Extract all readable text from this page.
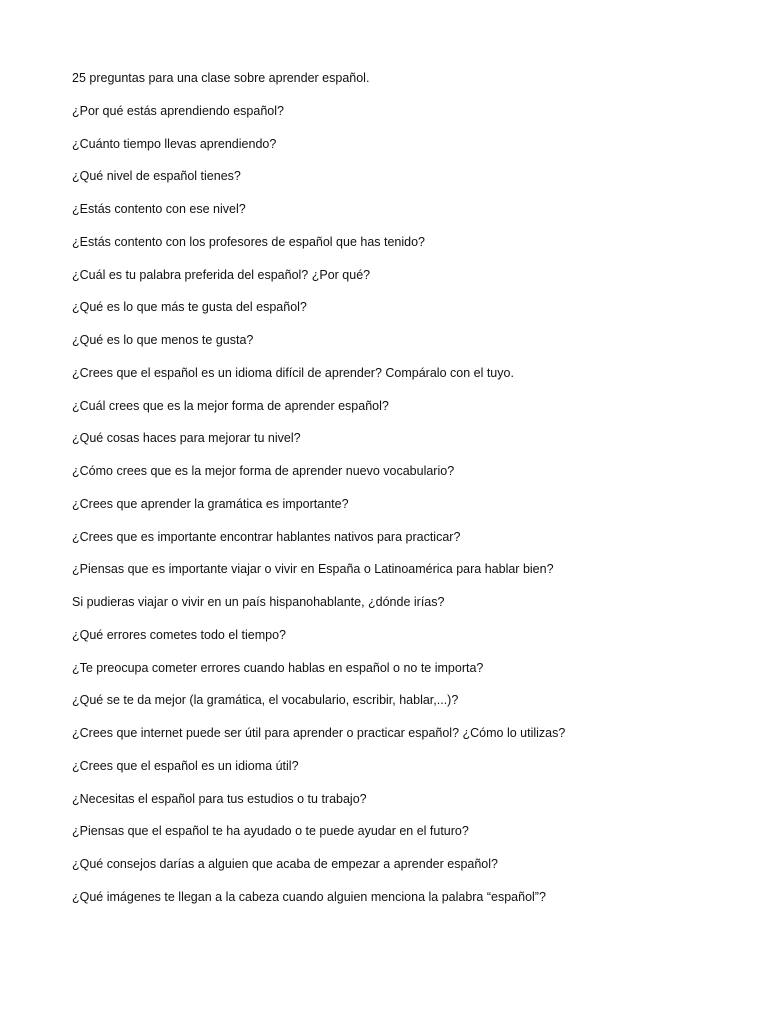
25 preguntas para una clase sobre aprender español.
¿Por qué estás aprendiendo español?
¿Cuánto tiempo llevas aprendiendo?
¿Qué nivel de español tienes?
¿Estás contento con ese nivel?
¿Estás contento con los profesores de español que has tenido?
¿Cuál es tu palabra preferida del español? ¿Por qué?
¿Qué es lo que más te gusta del español?
¿Qué es lo que menos te gusta?
¿Crees que el español es un idioma difícil de aprender? Compáralo con el tuyo.
¿Cuál crees que es la mejor forma de aprender español?
¿Qué cosas haces para mejorar tu nivel?
¿Cómo crees que es la mejor forma de aprender nuevo vocabulario?
¿Crees que aprender la gramática es importante?
¿Crees que es importante encontrar hablantes nativos para practicar?
¿Piensas que es importante viajar o vivir en España o Latinoamérica para hablar bien?
Si pudieras viajar o vivir en un país hispanohablante, ¿dónde irías?
¿Qué errores cometes todo el tiempo?
¿Te preocupa cometer errores cuando hablas en español o no te importa?
¿Qué se te da mejor (la gramática, el vocabulario, escribir, hablar,...)?
¿Crees que internet puede ser útil para aprender o practicar español? ¿Cómo lo utilizas?
¿Crees que el español es un idioma útil?
¿Necesitas el español para tus estudios o tu trabajo?
¿Piensas que el español te ha ayudado o te puede ayudar en el futuro?
¿Qué consejos darías a alguien que acaba de empezar a aprender español?
¿Qué imágenes te llegan a la cabeza cuando alguien menciona la palabra “español”?
